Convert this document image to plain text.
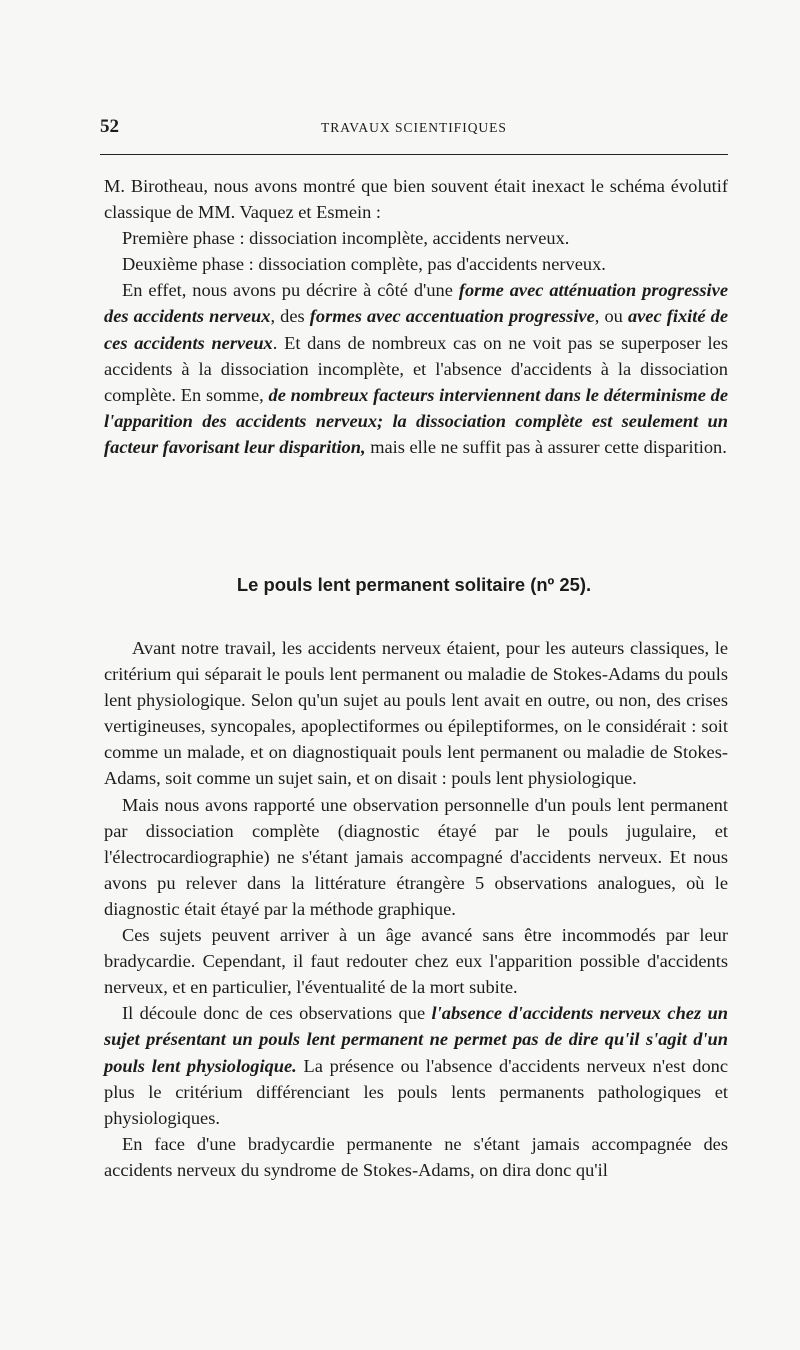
52	TRAVAUX SCIENTIFIQUES

M. Birotheau, nous avons montré que bien souvent était inexact le schéma évolutif classique de MM. Vaquez et Esmein :

Première phase : dissociation incomplète, accidents nerveux.

Deuxième phase : dissociation complète, pas d'accidents nerveux.

En effet, nous avons pu décrire à côté d'une forme avec atténuation progressive des accidents nerveux, des formes avec accentuation progressive, ou avec fixité de ces accidents nerveux. Et dans de nombreux cas on ne voit pas se superposer les accidents à la dissociation incomplète, et l'absence d'accidents à la dissociation complète. En somme, de nombreux facteurs interviennent dans le déterminisme de l'apparition des accidents nerveux; la dissociation complète est seulement un facteur favorisant leur disparition, mais elle ne suffit pas à assurer cette disparition.

Le pouls lent permanent solitaire (nº 25).

Avant notre travail, les accidents nerveux étaient, pour les auteurs classiques, le critérium qui séparait le pouls lent permanent ou maladie de Stokes-Adams du pouls lent physiologique. Selon qu'un sujet au pouls lent avait en outre, ou non, des crises vertigineuses, syncopales, apoplectiformes ou épileptiformes, on le considérait : soit comme un malade, et on diagnostiquait pouls lent permanent ou maladie de Stokes-Adams, soit comme un sujet sain, et on disait : pouls lent physiologique.

Mais nous avons rapporté une observation personnelle d'un pouls lent permanent par dissociation complète (diagnostic étayé par le pouls jugulaire, et l'électrocardiographie) ne s'étant jamais accompagné d'accidents nerveux. Et nous avons pu relever dans la littérature étrangère 5 observations analogues, où le diagnostic était étayé par la méthode graphique.

Ces sujets peuvent arriver à un âge avancé sans être incommodés par leur bradycardie. Cependant, il faut redouter chez eux l'apparition possible d'accidents nerveux, et en particulier, l'éventualité de la mort subite.

Il découle donc de ces observations que l'absence d'accidents nerveux chez un sujet présentant un pouls lent permanent ne permet pas de dire qu'il s'agit d'un pouls lent physiologique. La présence ou l'absence d'accidents nerveux n'est donc plus le critérium différenciant les pouls lents permanents pathologiques et physiologiques.

En face d'une bradycardie permanente ne s'étant jamais accompagnée des accidents nerveux du syndrome de Stokes-Adams, on dira donc qu'il
